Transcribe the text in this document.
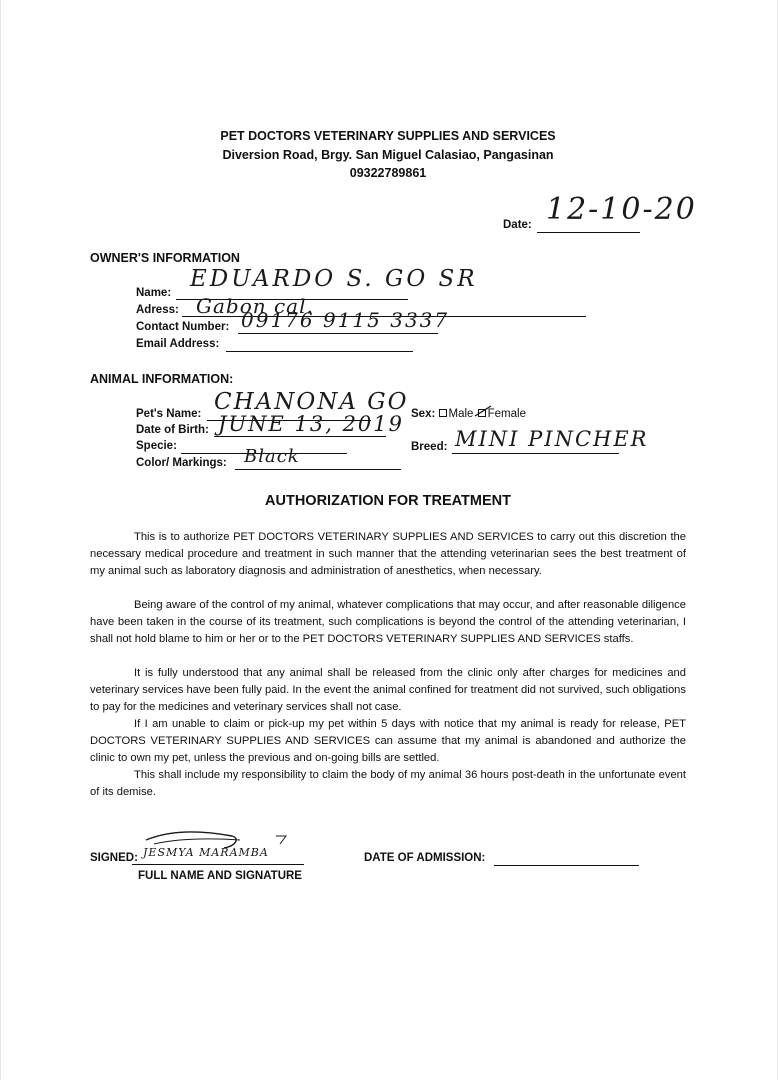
PET DOCTORS VETERINARY SUPPLIES AND SERVICES
Diversion Road, Brgy. San Miguel Calasiao, Pangasinan
09322789861
Date: 12-10-20
OWNER'S INFORMATION
Name:
EDUARDO S. GO SR
Adress: Gabon cal.
Contact Number: 09176 9115 3337
Email Address:
ANIMAL INFORMATION:
Pet's Name: CHANONA GO
Date of Birth: JUNE 13, 2019
Specie:
Color/ Markings: Black
Sex: Male Female
Breed: MINI PINCHER
AUTHORIZATION FOR TREATMENT

This is to authorize PET DOCTORS VETERINARY SUPPLIES AND SERVICES to carry out this discretion the necessary medical procedure and treatment in such manner that the attending veterinarian sees the best treatment of my animal such as laboratory diagnosis and administration of anesthetics, when necessary.

Being aware of the control of my animal, whatever complications that may occur, and after reasonable diligence have been taken in the course of its treatment, such complications is beyond the control of the attending veterinarian, I shall not hold blame to him or her or to the PET DOCTORS VETERINARY SUPPLIES AND SERVICES staffs.

It is fully understood that any animal shall be released from the clinic only after charges for medicines and veterinary services have been fully paid. In the event the animal confined for treatment did not survived, such obligations to pay for the medicines and veterinary services shall not case.

If I am unable to claim or pick-up my pet within 5 days with notice that my animal is ready for release, PET DOCTORS VETERINARY SUPPLIES AND SERVICES can assume that my animal is abandoned and authorize the clinic to own my pet, unless the previous and on-going bills are settled.

This shall include my responsibility to claim the body of my animal 36 hours post-death in the unfortunate event of its demise.

SIGNED: JESMYA MARAMBA
FULL NAME AND SIGNATURE
DATE OF ADMISSION:
